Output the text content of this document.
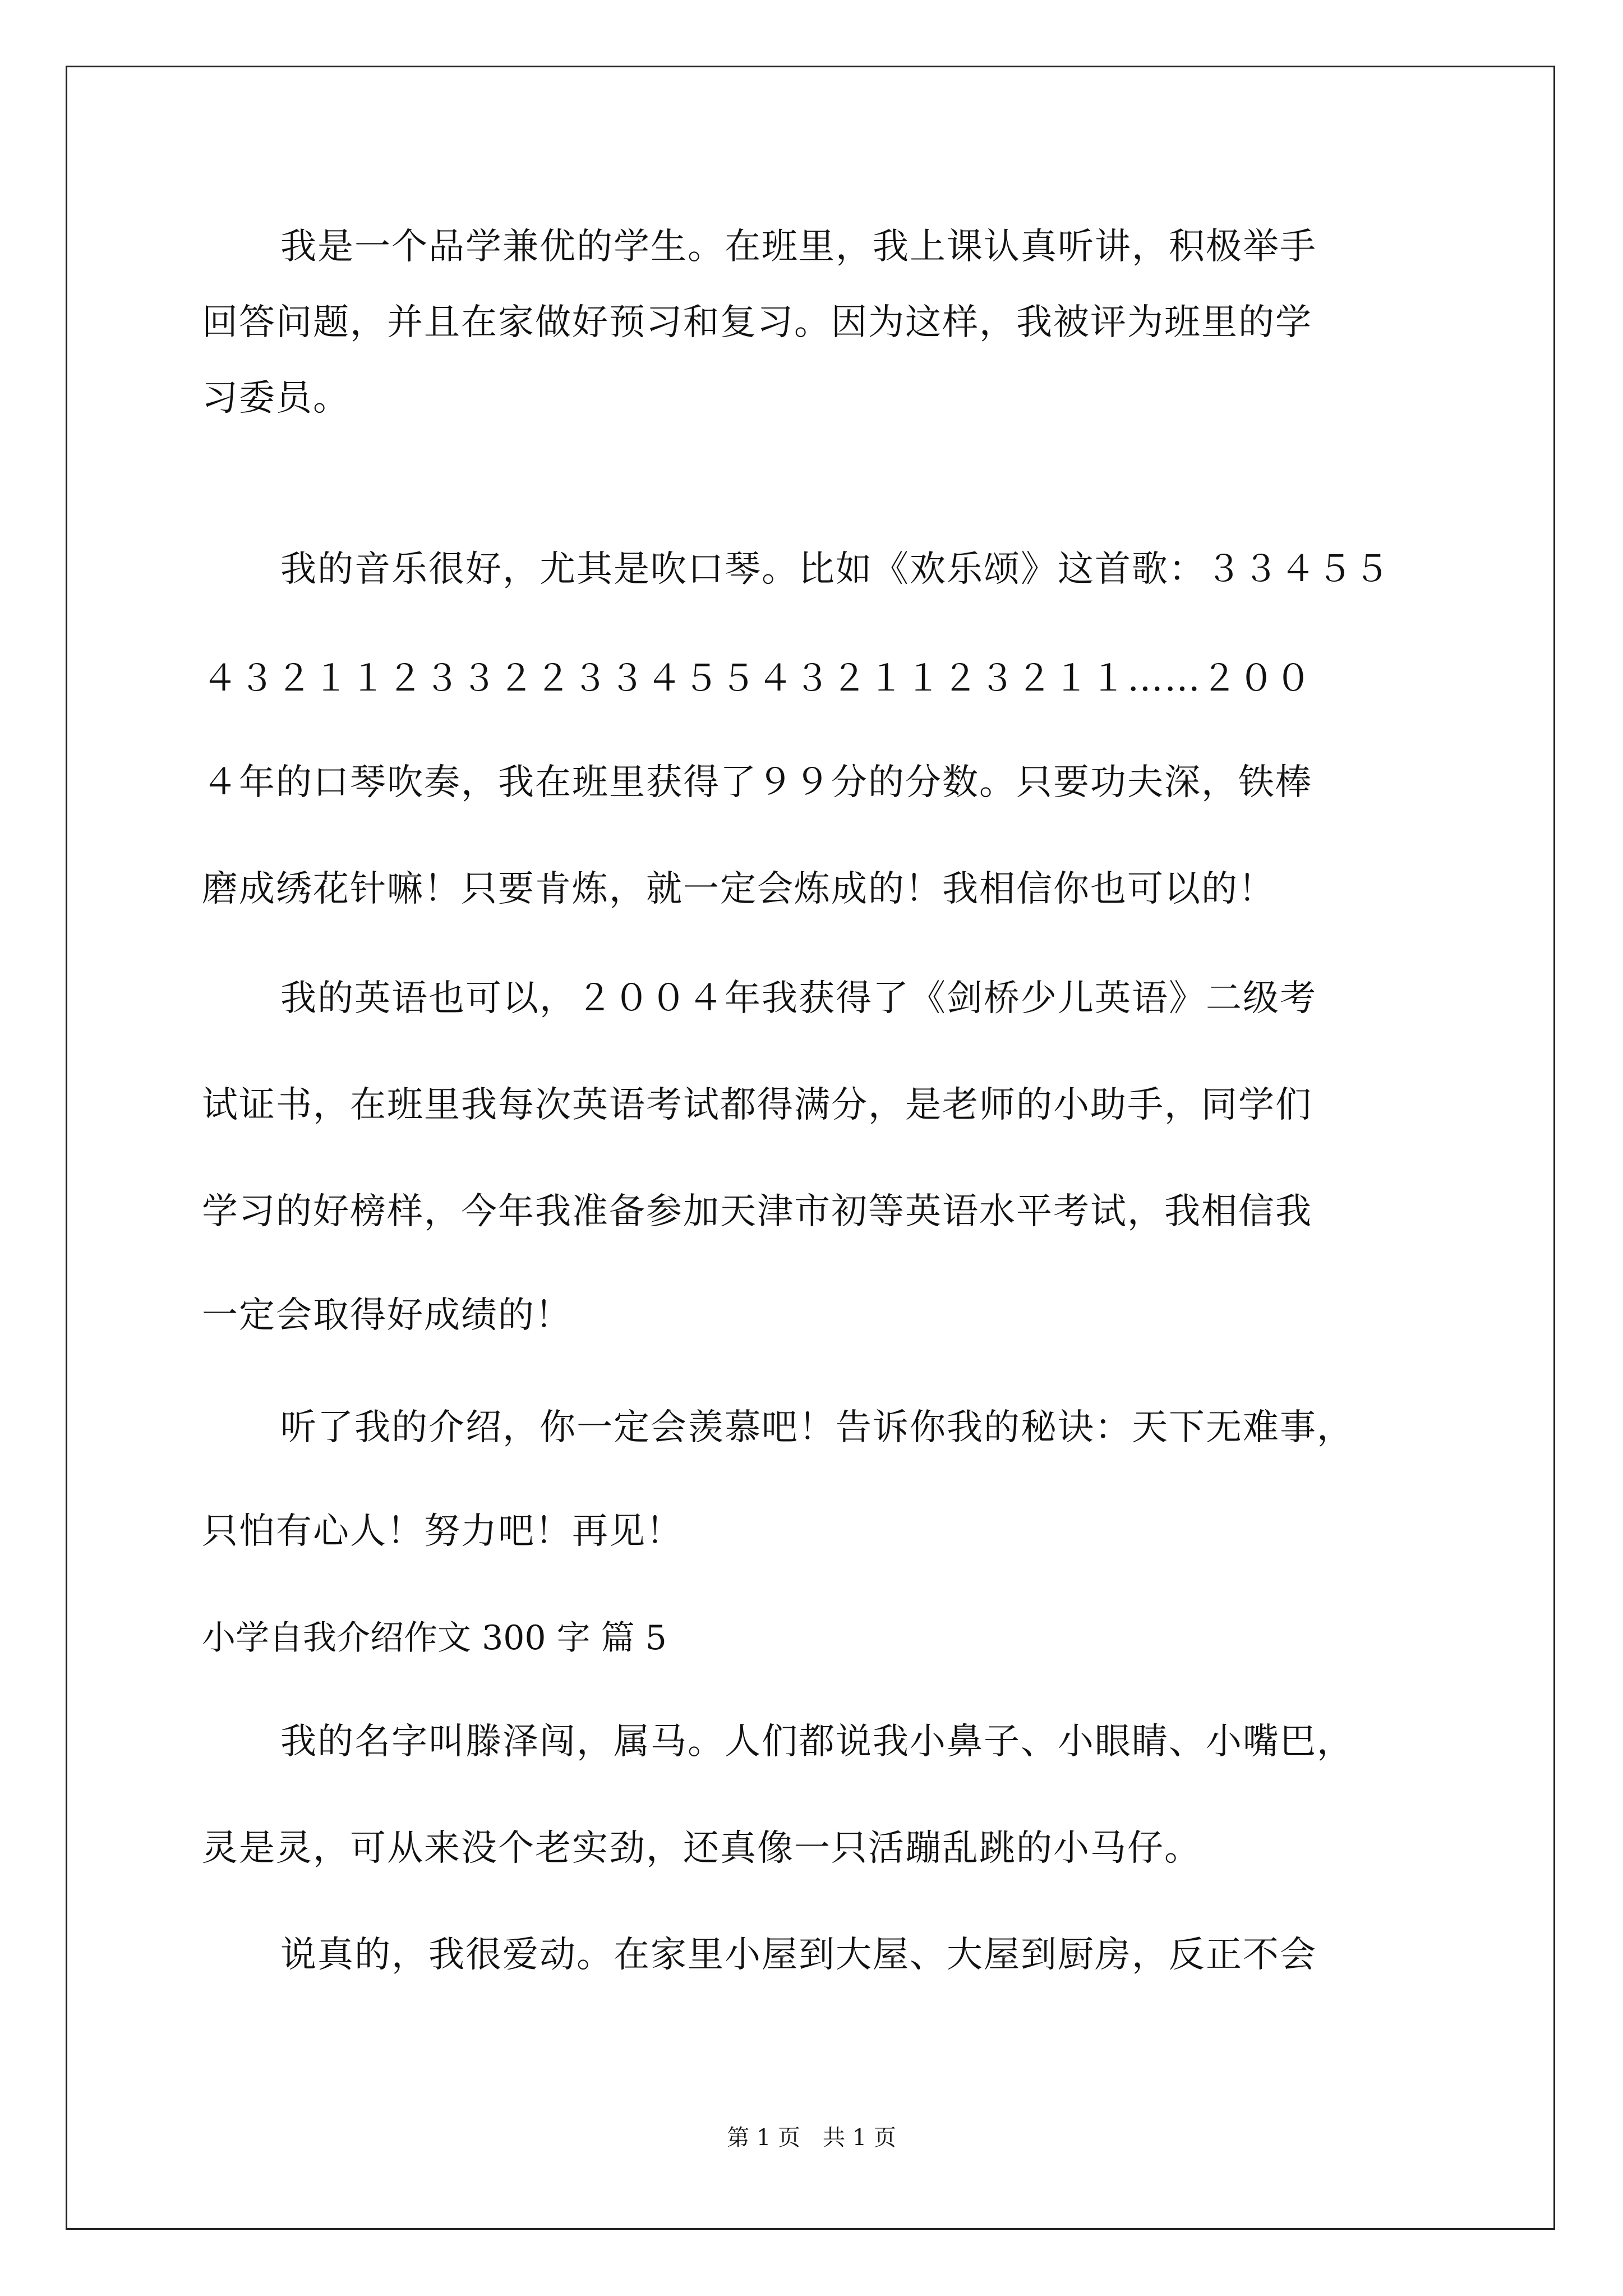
我是一个品学兼优的学生。在班里，我上课认真听讲，积极举手
回答问题，并且在家做好预习和复习。因为这样，我被评为班里的学
习委员。
我的音乐很好，尤其是吹口琴。比如《欢乐颂》这首歌：３３４５５
４３２１１２３３２２３３４５５４３２１１２３２１１……２００
４年的口琴吹奏，我在班里获得了９９分的分数。只要功夫深，铁棒
磨成绣花针嘛！只要肯炼，就一定会炼成的！我相信你也可以的！
我的英语也可以，２００４年我获得了《剑桥少儿英语》二级考
试证书，在班里我每次英语考试都得满分，是老师的小助手，同学们
学习的好榜样，今年我准备参加天津市初等英语水平考试，我相信我
一定会取得好成绩的！
听了我的介绍，你一定会羡慕吧！告诉你我的秘诀：天下无难事，
只怕有心人！努力吧！再见！
小学自我介绍作文 300 字 篇 5
我的名字叫滕泽闯，属马。人们都说我小鼻子、小眼睛、小嘴巴，
灵是灵，可从来没个老实劲，还真像一只活蹦乱跳的小马仔。
说真的，我很爱动。在家里小屋到大屋、大屋到厨房，反正不会
第 1 页　共 1 页
